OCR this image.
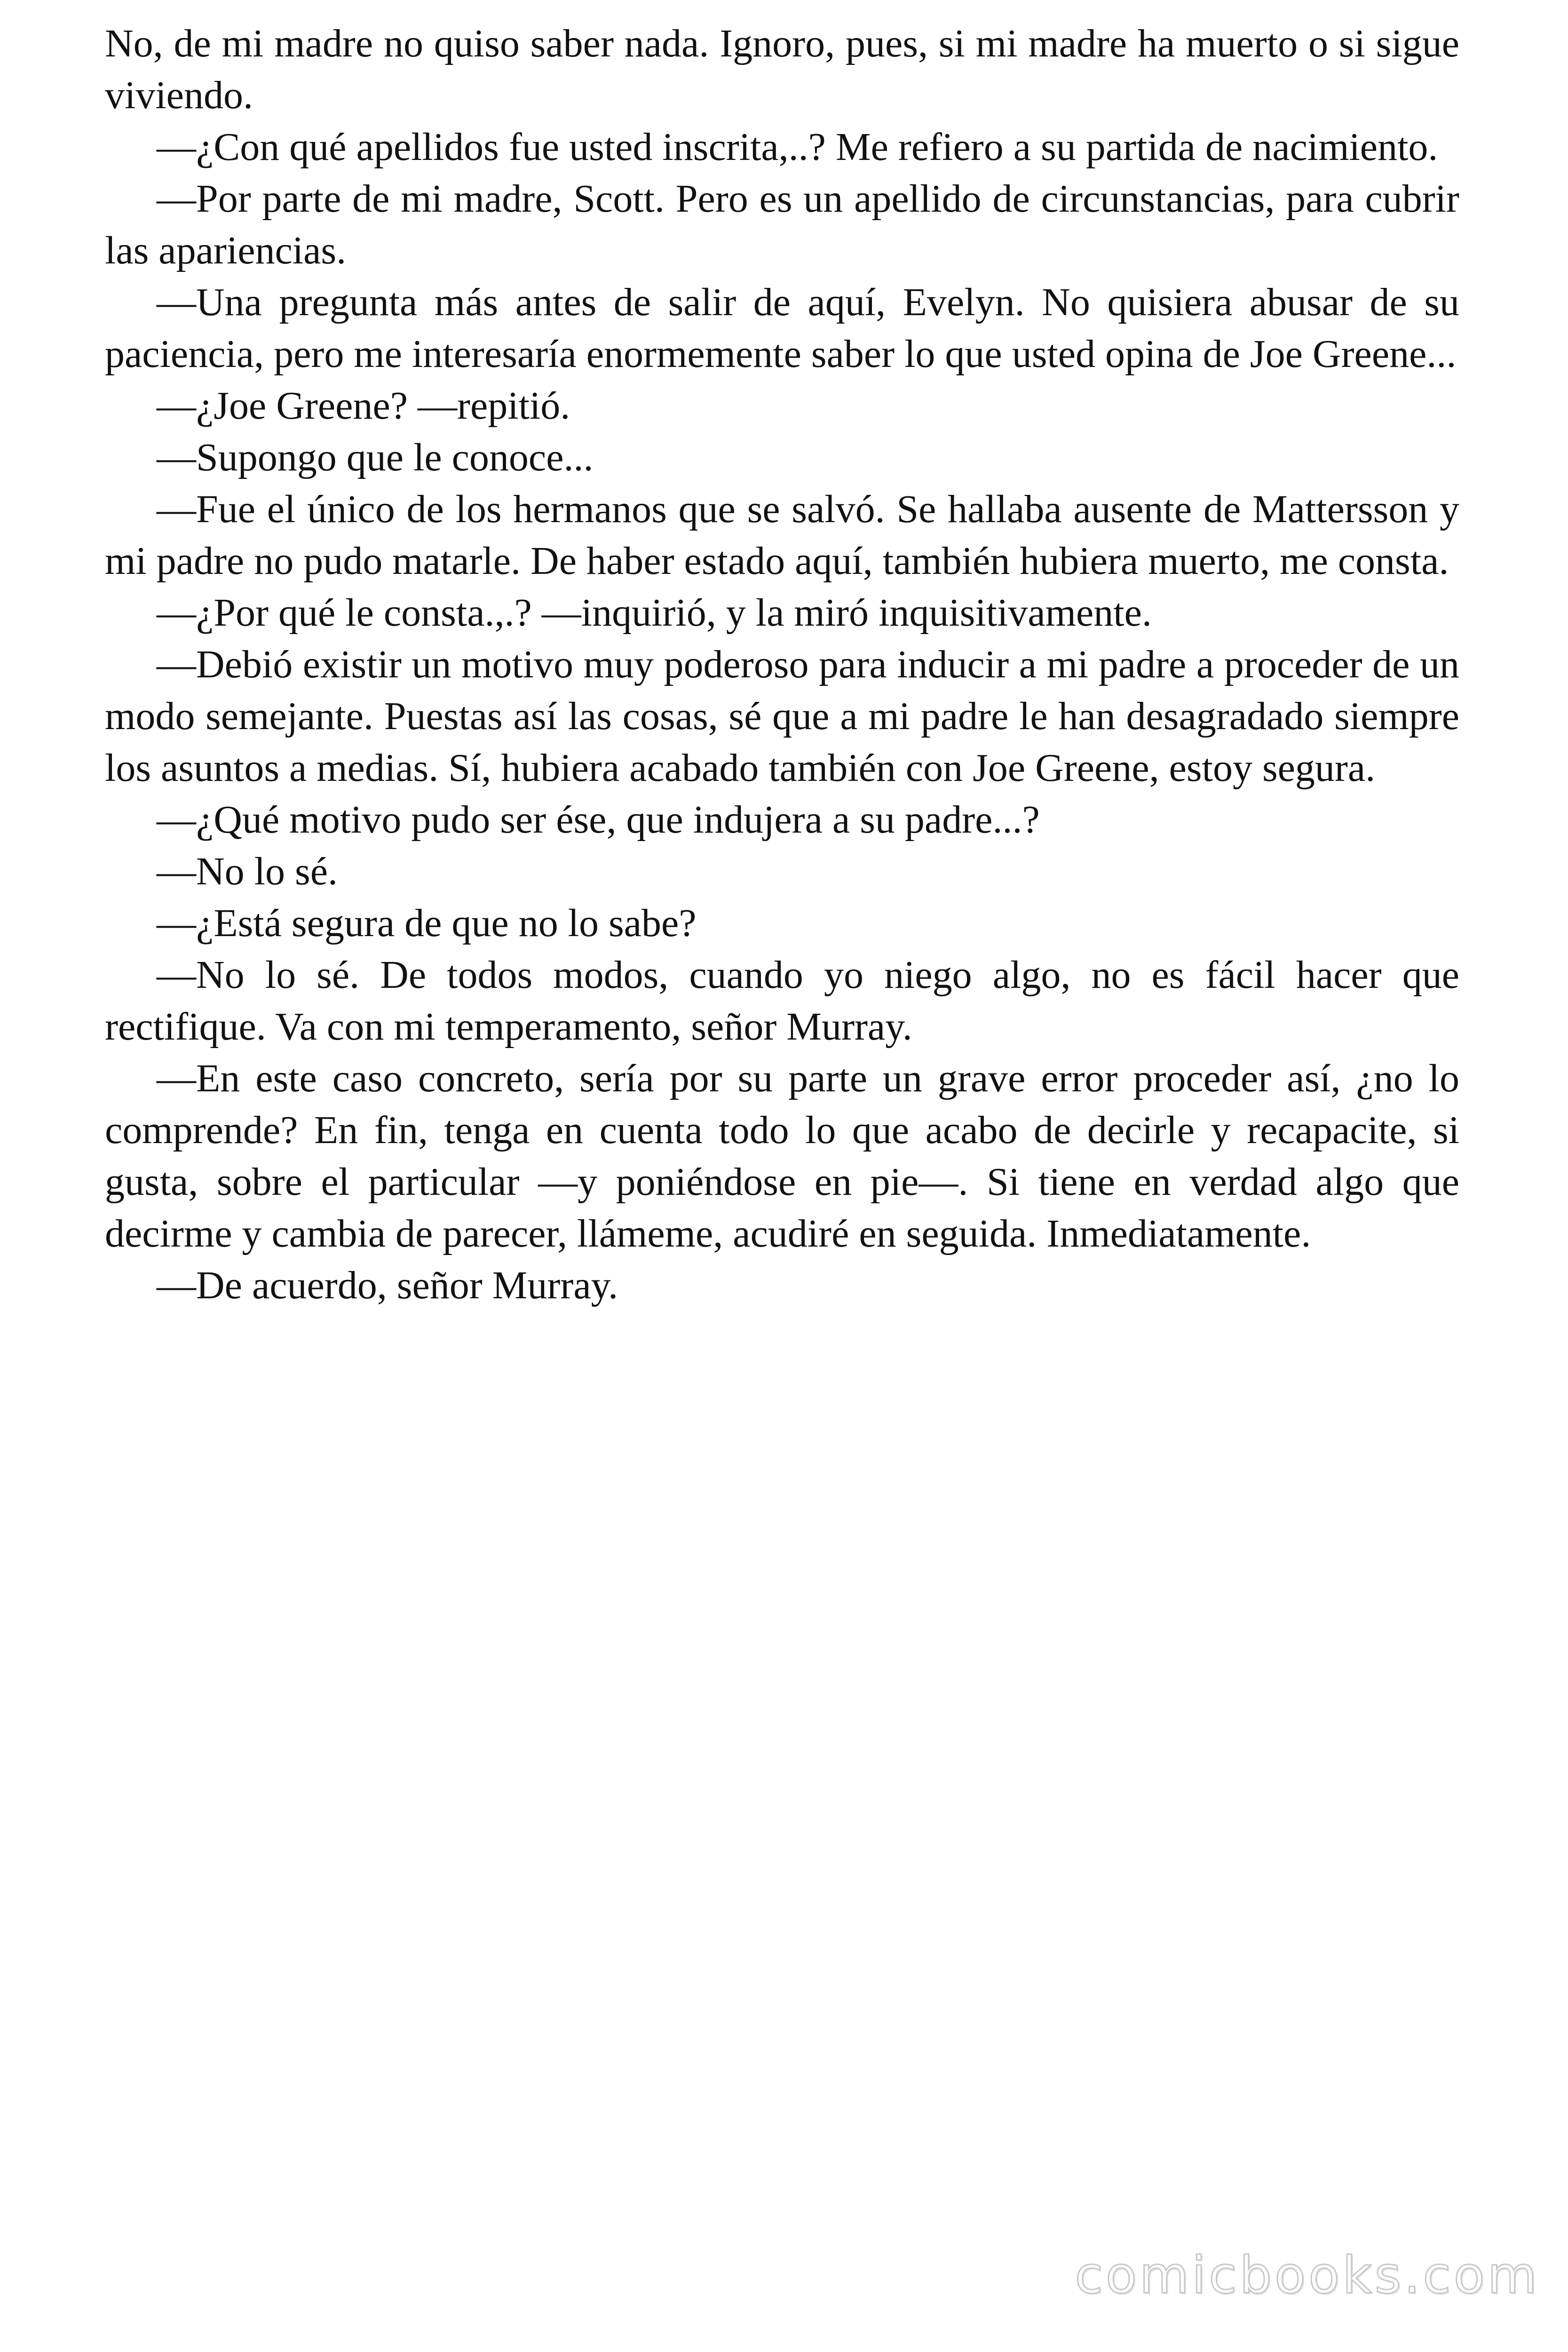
No, de mi madre no quiso saber nada. Ignoro, pues, si mi madre ha muerto o si sigue viviendo.

—¿Con qué apellidos fue usted inscrita,..? Me refiero a su partida de nacimiento.

—Por parte de mi madre, Scott. Pero es un apellido de circunstancias, para cubrir las apariencias.

—Una pregunta más antes de salir de aquí, Evelyn. No quisiera abusar de su paciencia, pero me interesaría enormemente saber lo que usted opina de Joe Greene...

—¿Joe Greene? —repitió.

—Supongo que le conoce...

—Fue el único de los hermanos que se salvó. Se hallaba ausente de Mattersson y mi padre no pudo matarle. De haber estado aquí, también hubiera muerto, me consta.

—¿Por qué le consta.,.? —inquirió, y la miró inquisitivamente.

—Debió existir un motivo muy poderoso para inducir a mi padre a proceder de un modo semejante. Puestas así las cosas, sé que a mi padre le han desagradado siempre los asuntos a medias. Sí, hubiera acabado también con Joe Greene, estoy segura.

—¿Qué motivo pudo ser ése, que indujera a su padre...?

—No lo sé.

—¿Está segura de que no lo sabe?

—No lo sé. De todos modos, cuando yo niego algo, no es fácil hacer que rectifique. Va con mi temperamento, señor Murray.

—En este caso concreto, sería por su parte un grave error proceder así, ¿no lo comprende? En fin, tenga en cuenta todo lo que acabo de decirle y recapacite, si gusta, sobre el particular —y poniéndose en pie—. Si tiene en verdad algo que decirme y cambia de parecer, llámeme, acudiré en seguida. Inmediatamente.

—De acuerdo, señor Murray.

comicbooks.com
